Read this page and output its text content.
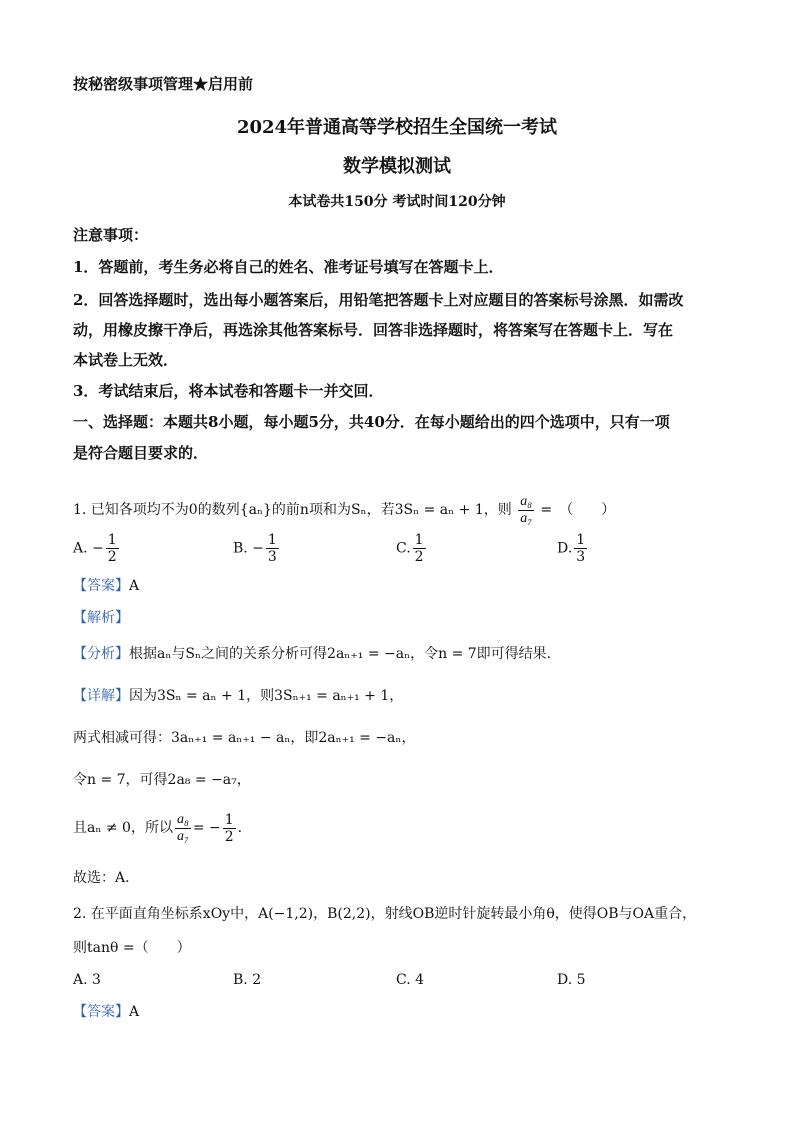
按秘密级事项管理★启用前
2024年普通高等学校招生全国统一考试
数学模拟测试
本试卷共150分 考试时间120分钟
注意事项：
1．答题前，考生务必将自己的姓名、准考证号填写在答题卡上．
2．回答选择题时，选出每小题答案后，用铅笔把答题卡上对应题目的答案标号涂黑．如需改
动，用橡皮擦干净后，再选涂其他答案标号．回答非选择题时，将答案写在答题卡上．写在
本试卷上无效．
3．考试结束后，将本试卷和答题卡一并交回．
一、选择题：本题共8小题，每小题5分，共40分．在每小题给出的四个选项中，只有一项
是符合题目要求的．
1. 已知各项均不为0的数列{aₙ}的前n项和为Sₙ，若3Sₙ = aₙ + 1，则 $\frac{\text{a₈}}{\text{a₇}}$ =　（　　）
A. − $\frac{1}{2}$	B. − $\frac{1}{3}$	C. $\frac{1}{2}$	D. $\frac{1}{3}$
【答案】A
【解析】
【分析】根据aₙ与Sₙ之间的关系分析可得2aₙ₊₁ = −aₙ，令n = 7即可得结果.
【详解】因为3Sₙ = aₙ + 1，则3Sₙ₊₁ = aₙ₊₁ + 1，
两式相减可得：3aₙ₊₁ = aₙ₊₁ − aₙ，即2aₙ₊₁ = −aₙ，
令n = 7，可得2a₈ = −a₇，
且aₙ ≠ 0，所以 $\frac{\text{a₈}}{\text{a₇}}$ = − $\frac{1}{2}$ .
故选：A.
2. 在平面直角坐标系xOy中，A(−1,2)，B(2,2)，射线OB逆时针旋转最小角θ，使得OB与OA重合，
则tanθ =（　　）
A. 3	B. 2	C. 4	D. 5
【答案】A
